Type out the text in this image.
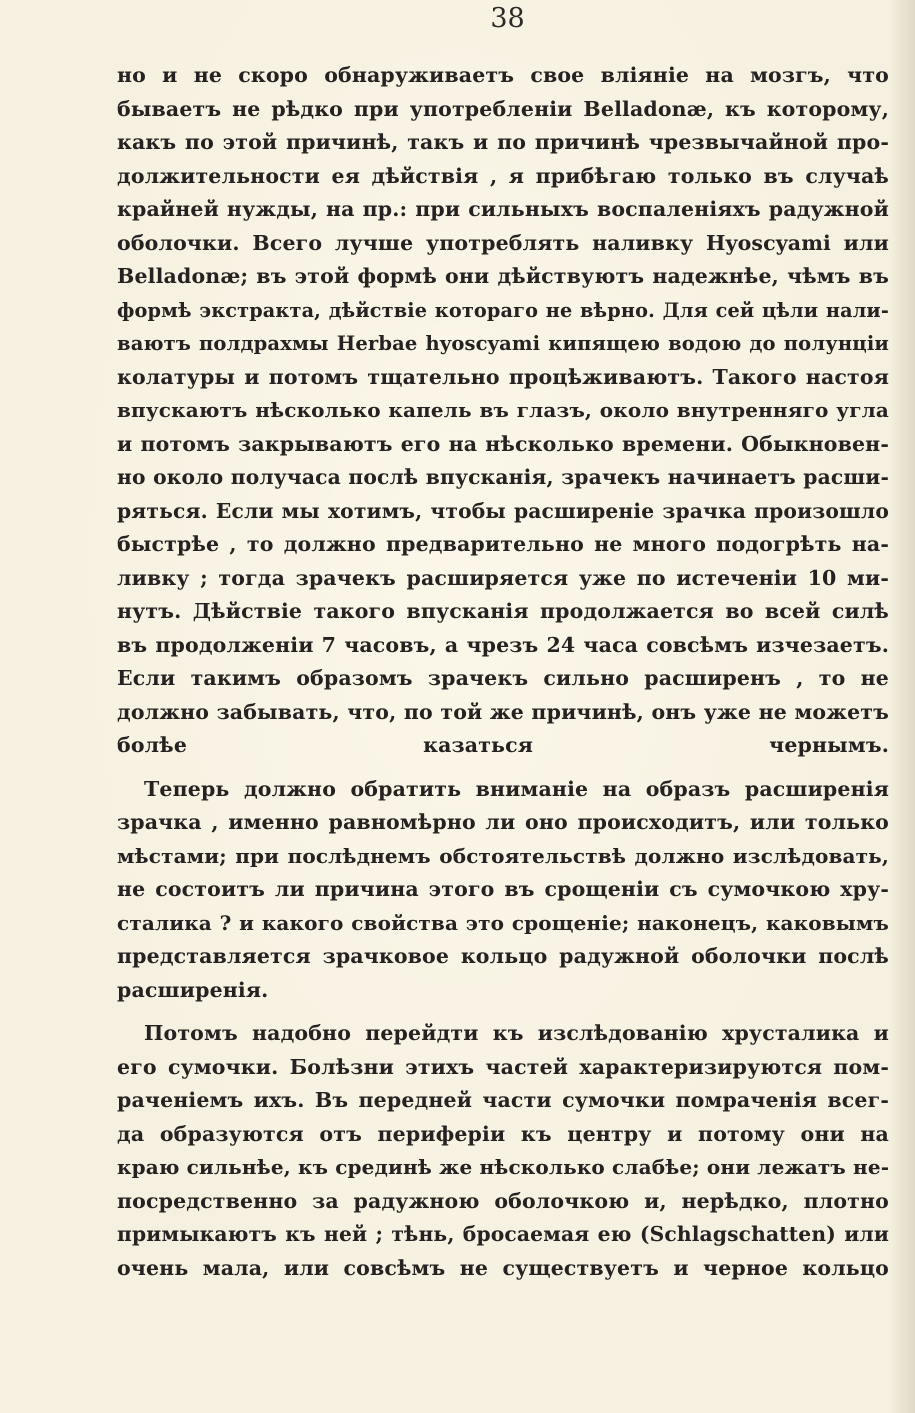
38
но и не скоро обнаруживаетъ свое вліяніе на мозгъ, что
бываетъ не рѣдко при употребленіи Belladonæ, къ которому,
какъ по этой причинѣ, такъ и по причинѣ чрезвычайной про-
должительности ея дѣйствія , я прибѣгаю только въ случаѣ
крайней нужды, на пр.: при сильныхъ воспаленіяхъ радужной
оболочки. Всего лучше употреблять наливку Hyoscyami или
Belladonæ; въ этой формѣ они дѣйствуютъ надежнѣе, чѣмъ въ
формѣ экстракта, дѣйствіе котораго не вѣрно. Для сей цѣли нали-
ваютъ полдрахмы Herbae hyoscyami кипящею водою до полунціи
колатуры и потомъ тщательно процѣживаютъ. Такого настоя
впускаютъ нѣсколько капель въ глазъ, около внутренняго угла
и потомъ закрываютъ его на нѣсколько времени. Обыкновен-
но около получаса послѣ впусканія, зрачекъ начинаетъ расши-
ряться. Если мы хотимъ, чтобы расширеніе зрачка произошло
быстрѣе , то должно предварительно не много подогрѣть на-
ливку ; тогда зрачекъ расширяется уже по истеченіи 10 ми-
нутъ. Дѣйствіе такого впусканія продолжается во всей силѣ
въ продолженіи 7 часовъ, а чрезъ 24 часа совсѣмъ изчезаетъ.
Если такимъ образомъ зрачекъ сильно расширенъ , то не
должно забывать, что, по той же причинѣ, онъ уже не можетъ
болѣе казаться чернымъ.
Теперь должно обратить вниманіе на образъ расширенія
зрачка , именно равномѣрно ли оно происходитъ, или только
мѣстами; при послѣднемъ обстоятельствѣ должно изслѣдовать,
не состоитъ ли причина этого въ срощеніи съ сумочкою хру-
сталика ? и какого свойства это срощеніе; наконецъ, каковымъ
представляется зрачковое кольцо радужной оболочки послѣ
расширенія.
Потомъ надобно перейдти къ изслѣдованію хрусталика и
его сумочки. Болѣзни этихъ частей характеризируются пом-
раченіемъ ихъ. Въ передней части сумочки помраченія всег-
да образуются отъ периферіи къ центру и потому они на
краю сильнѣе, къ срединѣ же нѣсколько слабѣе; они лежатъ не-
посредственно за радужною оболочкою и, нерѣдко, плотно
примыкаютъ къ ней ; тѣнь, бросаемая ею (Schlagschatten) или
очень мала, или совсѣмъ не существуетъ и черное кольцо
